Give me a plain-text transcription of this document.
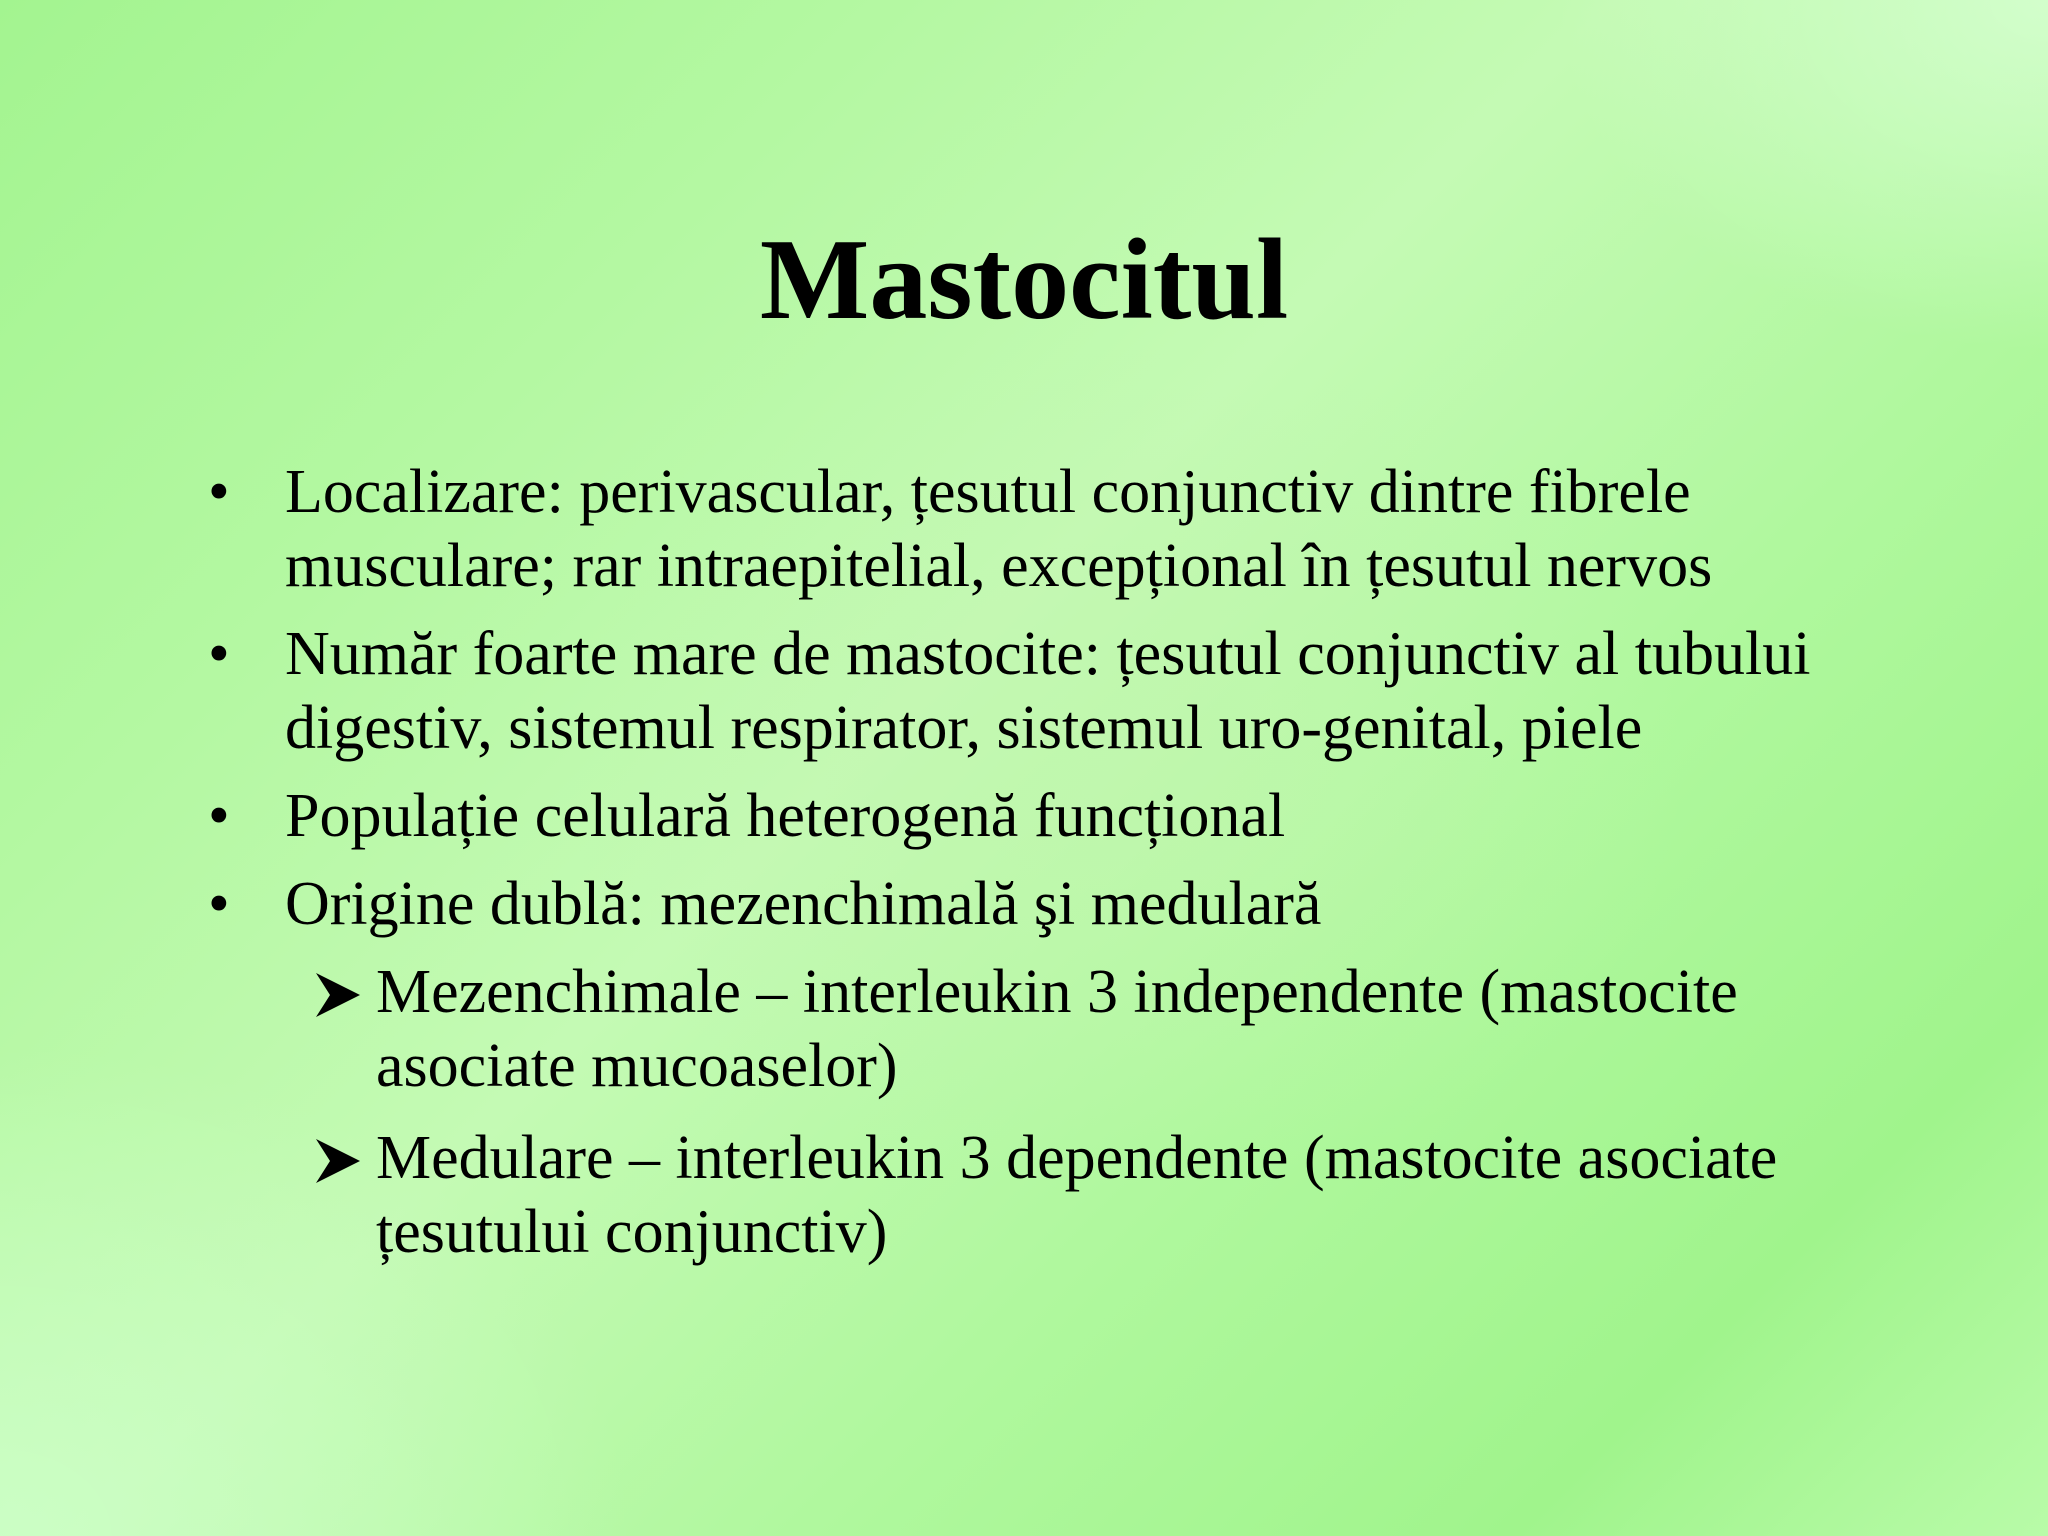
Mastocitul
• Localizare: perivascular, țesutul conjunctiv dintre fibrele musculare; rar intraepitelial, excepțional în țesutul nervos
• Număr foarte mare de mastocite: țesutul conjunctiv al tubului digestiv, sistemul respirator, sistemul uro-genital, piele
• Populație celulară heterogenă funcțional
• Origine dublă: mezenchimală şi medulară
Mezenchimale – interleukin 3 independente (mastocite asociate mucoaselor)
Medulare – interleukin 3 dependente (mastocite asociate țesutului conjunctiv)
